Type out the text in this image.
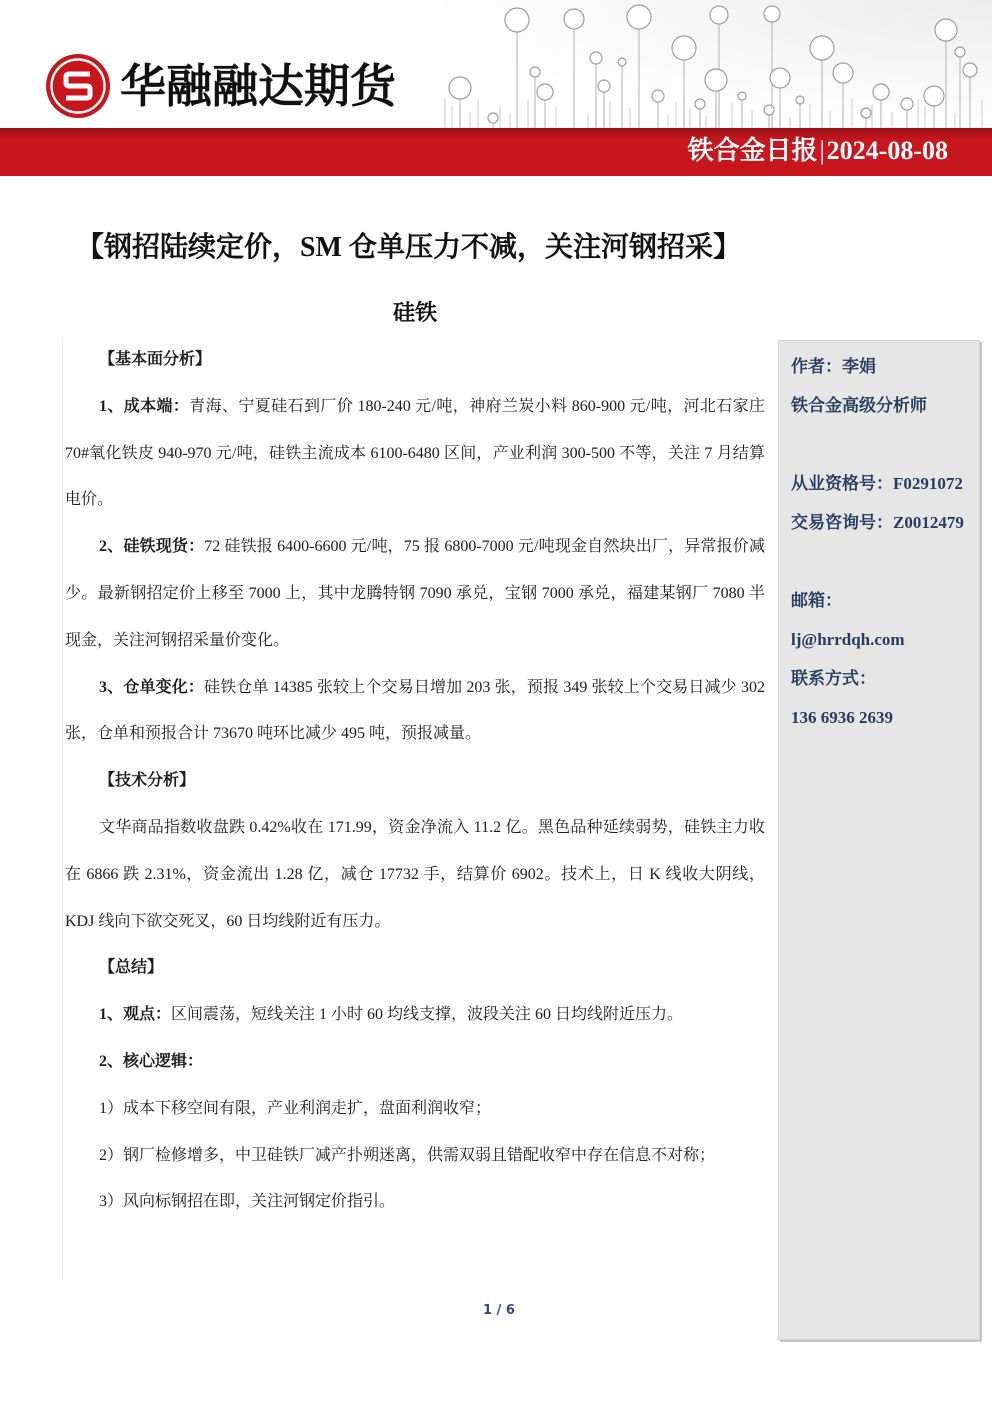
华融融达期货
铁合金日报|2024-08-08
【钢招陆续定价，SM 仓单压力不减，关注河钢招采】
硅铁
【基本面分析】

1、成本端：青海、宁夏硅石到厂价 180-240 元/吨，神府兰炭小料 860-900 元/吨，河北石家庄 70#氧化铁皮 940-970 元/吨，硅铁主流成本 6100-6480 区间，产业利润 300-500 不等，关注 7 月结算电价。

2、硅铁现货：72 硅铁报 6400-6600 元/吨，75 报 6800-7000 元/吨现金自然块出厂，异常报价减少。最新钢招定价上移至 7000 上，其中龙腾特钢 7090 承兑，宝钢 7000 承兑，福建某钢厂 7080 半现金，关注河钢招采量价变化。

3、仓单变化：硅铁仓单 14385 张较上个交易日增加 203 张，预报 349 张较上个交易日减少 302 张，仓单和预报合计 73670 吨环比减少 495 吨，预报减量。

【技术分析】

文华商品指数收盘跌 0.42%收在 171.99，资金净流入 11.2 亿。黑色品种延续弱势，硅铁主力收在 6866 跌 2.31%，资金流出 1.28 亿，减仓 17732 手，结算价 6902。技术上，日 K 线收大阴线，KDJ 线向下欲交死叉，60 日均线附近有压力。

【总结】

1、观点：区间震荡，短线关注 1 小时 60 均线支撑，波段关注 60 日均线附近压力。

2、核心逻辑：

1）成本下移空间有限，产业利润走扩，盘面利润收窄；

2）钢厂检修增多，中卫硅铁厂减产扑朔迷离，供需双弱且错配收窄中存在信息不对称；

3）风向标钢招在即，关注河钢定价指引。

作者：李娟
铁合金高级分析师
从业资格号：F0291072
交易咨询号：Z0012479
邮箱：
lj@hrrdqh.com
联系方式：
136 6936 2639
1 / 6
